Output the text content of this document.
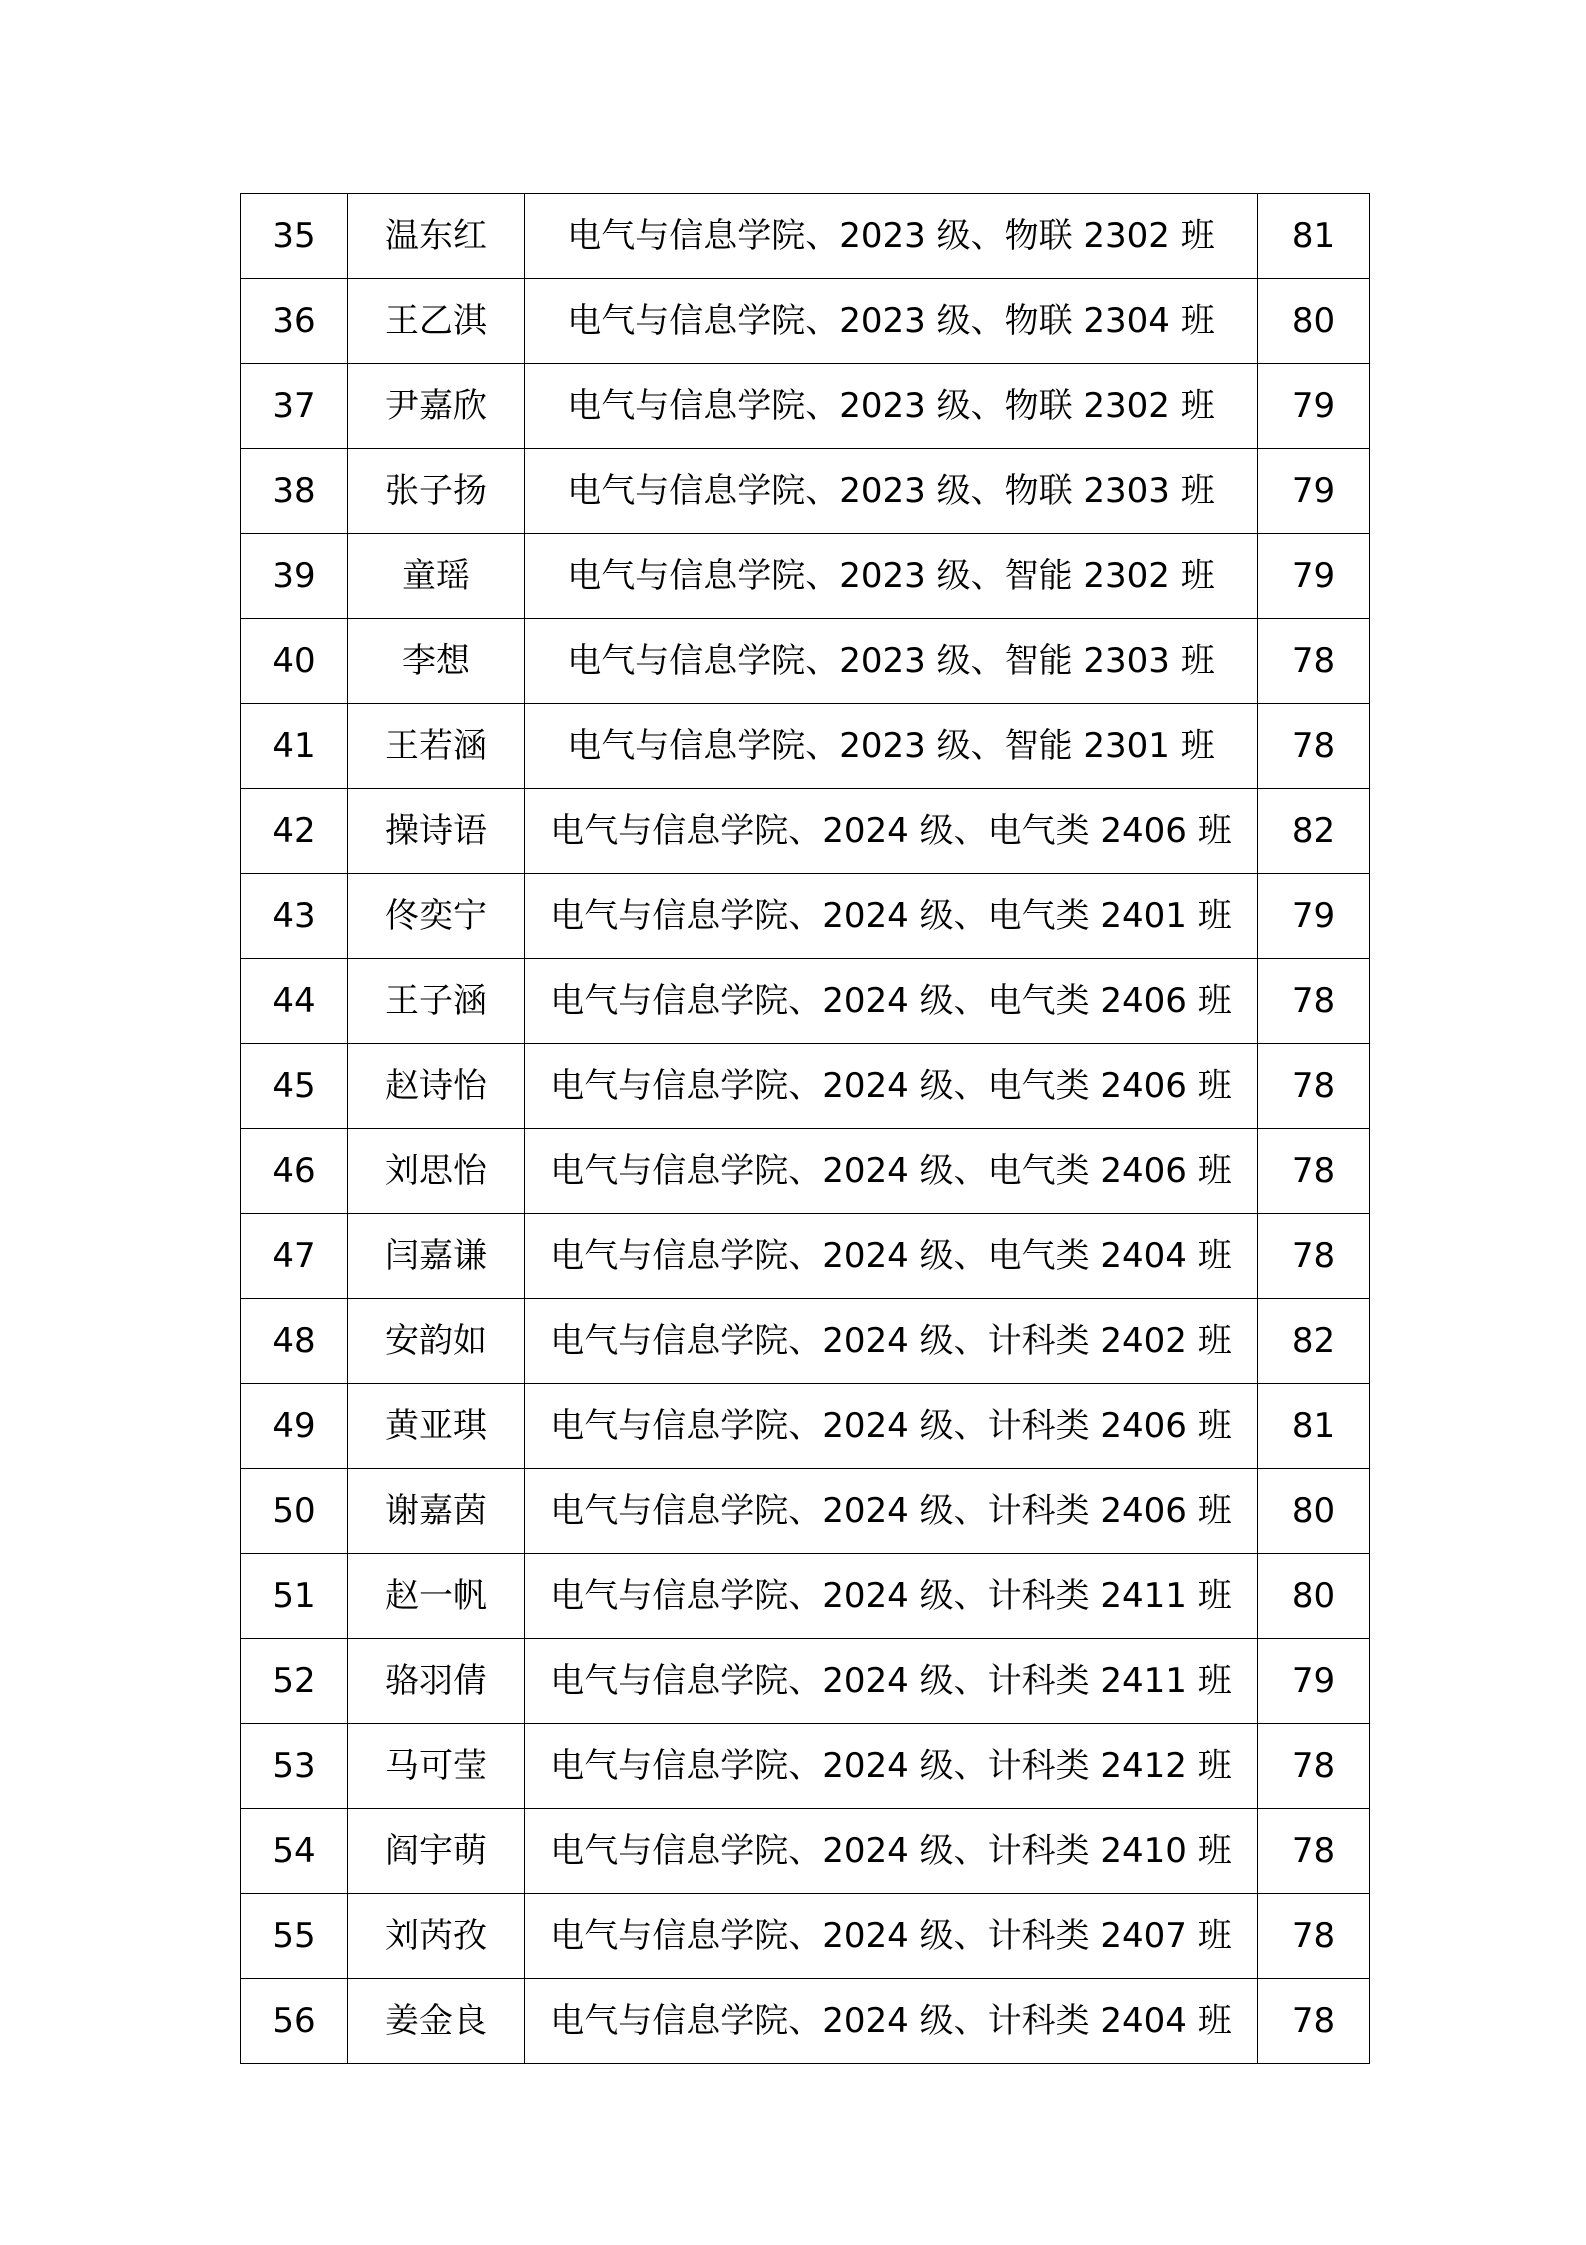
35	温东红	电气与信息学院、2023 级、物联 2302 班	81
36	王乙淇	电气与信息学院、2023 级、物联 2304 班	80
37	尹嘉欣	电气与信息学院、2023 级、物联 2302 班	79
38	张子扬	电气与信息学院、2023 级、物联 2303 班	79
39	童瑶	电气与信息学院、2023 级、智能 2302 班	79
40	李想	电气与信息学院、2023 级、智能 2303 班	78
41	王若涵	电气与信息学院、2023 级、智能 2301 班	78
42	操诗语	电气与信息学院、2024 级、电气类 2406 班	82
43	佟奕宁	电气与信息学院、2024 级、电气类 2401 班	79
44	王子涵	电气与信息学院、2024 级、电气类 2406 班	78
45	赵诗怡	电气与信息学院、2024 级、电气类 2406 班	78
46	刘思怡	电气与信息学院、2024 级、电气类 2406 班	78
47	闫嘉谦	电气与信息学院、2024 级、电气类 2404 班	78
48	安韵如	电气与信息学院、2024 级、计科类 2402 班	82
49	黄亚琪	电气与信息学院、2024 级、计科类 2406 班	81
50	谢嘉茵	电气与信息学院、2024 级、计科类 2406 班	80
51	赵一帆	电气与信息学院、2024 级、计科类 2411 班	80
52	骆羽倩	电气与信息学院、2024 级、计科类 2411 班	79
53	马可莹	电气与信息学院、2024 级、计科类 2412 班	78
54	阎宇萌	电气与信息学院、2024 级、计科类 2410 班	78
55	刘芮孜	电气与信息学院、2024 级、计科类 2407 班	78
56	姜金良	电气与信息学院、2024 级、计科类 2404 班	78
